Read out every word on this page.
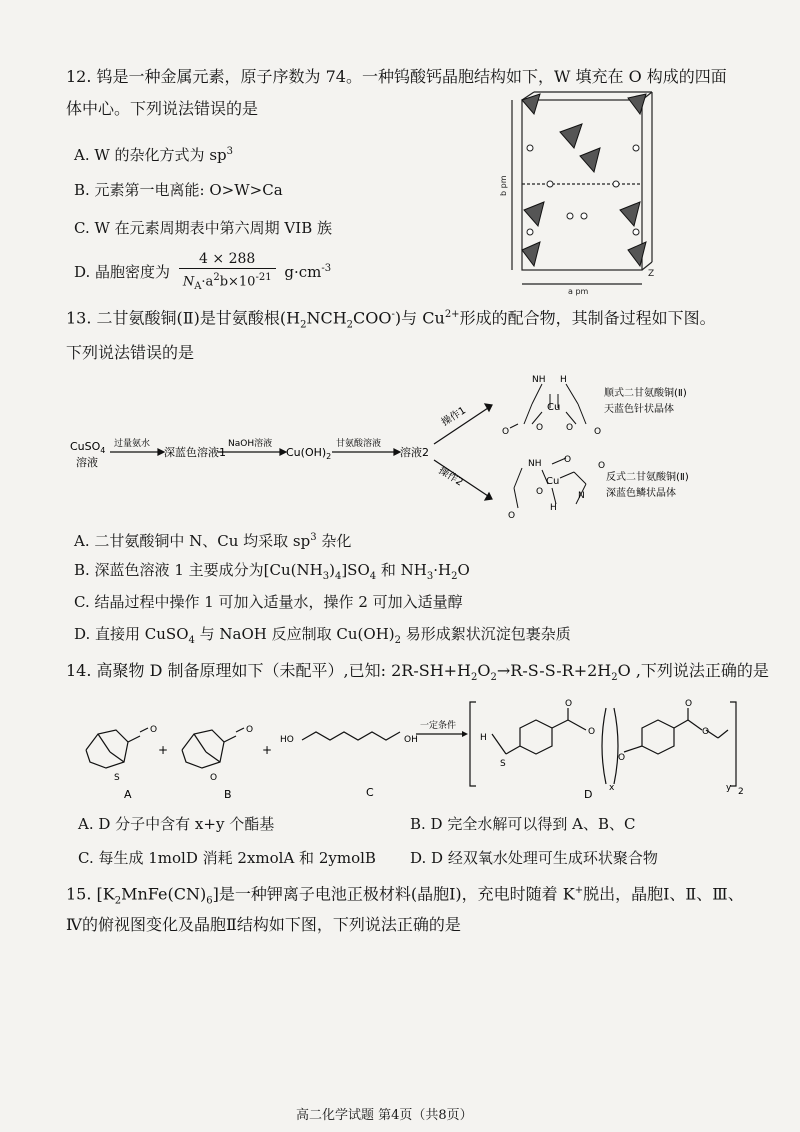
12. 钨是一种金属元素，原子序数为 74。一种钨酸钙晶胞结构如下，W 填充在 O 构成的四面
体中心。下列说法错误的是
A. W 的杂化方式为 $sp^3$
B. 元素第一电离能: O>W>Ca
C. W 在元素周期表中第六周期 VIB 族
D. 晶胞密度为 $\frac{4 \times 288}{N_A\cdot a^2b\times 10^{-21}} g\cdot cm^{-3}$
b pm
a pm
Z
13. 二甘氨酸铜(Ⅱ)是甘氨酸根$(H_2NCH_2COO^-)$与 $Cu^{2+}$形成的配合物，其制备过程如下图。
下列说法错误的是
CuSO$_4$
溶液
过量氨水
深蓝色溶液1
NaOH溶液
$Cu(OH)_2$
甘氨酸溶液
溶液2
操作1
操作2
NH H
Cu
O	O
O	O
顺式二甘氨酸铜(Ⅱ)
天蓝色针状晶体
NH
Cu
O
O
H
N
O
O
反式二甘氨酸铜(Ⅱ)
深蓝色鳞状晶体
A. 二甘氨酸铜中 N、Cu 均采取 $sp^3$ 杂化
B. 深蓝色溶液 1 主要成分为$[Cu(NH_3)_4]SO_4$ 和 $NH_3\cdot H_2O$
C. 结晶过程中操作 1 可加入适量水，操作 2 可加入适量醇
D. 直接用 CuSO$_4$ 与 NaOH 反应制取 $Cu(OH)_2$ 易形成絮状沉淀包裹杂质
14. 高聚物 D 制备原理如下（未配平）,已知: $2R-SH+H_2O_2\to R-S-S-R+2H_2O$ ,下列说法正确的是
S
O
O
O
+	+
HO	OH
一定条件
H
S
O
O
O
O
O
x	y 2
A	B	C	D
A. D 分子中含有 x+y 个酯基	B. D 完全水解可以得到 A、B、C
C. 每生成 1molD 消耗 2xmolA 和 2ymolB D. D 经双氧水处理可生成环状聚合物
15. $[K_2MnFe(CN)_6]$是一种钾离子电池正极材料(晶胞Ⅰ)，充电时随着 K+脱出，晶胞Ⅰ、Ⅱ、Ⅲ、
Ⅳ的俯视图变化及晶胞Ⅱ结构如下图，下列说法正确的是
高二化学试题 第4页（共8页）
